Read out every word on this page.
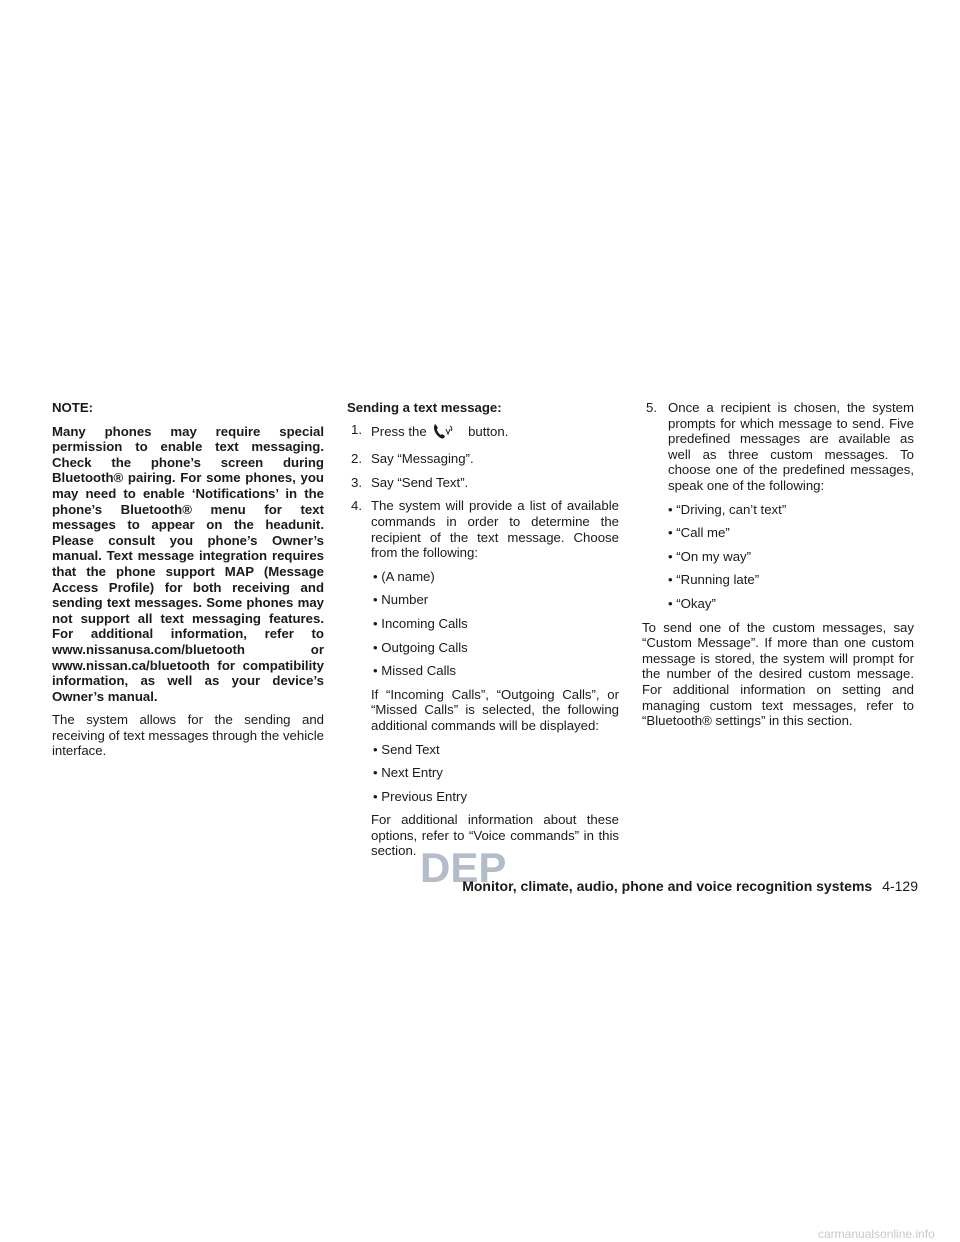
NOTE:

Many phones may require special permission to enable text messaging. Check the phone’s screen during Bluetooth® pairing. For some phones, you may need to enable ‘Notifications’ in the phone’s Bluetooth® menu for text messages to appear on the headunit. Please consult you phone’s Owner’s manual. Text message integration requires that the phone support MAP (Message Access Profile) for both receiving and sending text messages. Some phones may not support all text messaging features. For additional information, refer to www.nissanusa.com/bluetooth or www.nissan.ca/bluetooth for compatibility information, as well as your device’s Owner’s manual.

The system allows for the sending and receiving of text messages through the vehicle interface.

Sending a text message:
1. Press the	button.
2. Say “Messaging”.
3. Say “Send Text”.
4. The system will provide a list of available commands in order to determine the recipient of the text message. Choose from the following:
• (A name)
• Number
• Incoming Calls
• Outgoing Calls
• Missed Calls
If “Incoming Calls”, “Outgoing Calls”, or “Missed Calls” is selected, the following additional commands will be displayed:
• Send Text
• Next Entry
• Previous Entry
For additional information about these options, refer to “Voice commands” in this section.
5. Once a recipient is chosen, the system prompts for which message to send. Five predefined messages are available as well as three custom messages. To choose one of the predefined messages, speak one of the following:
• “Driving, can’t text”
• “Call me”
• “On my way”
• “Running late”
• “Okay”

To send one of the custom messages, say “Custom Message”. If more than one custom message is stored, the system will prompt for the number of the desired custom message. For additional information on setting and managing custom text messages, refer to “Bluetooth® settings” in this section.

DEP
Monitor, climate, audio, phone and voice recognition systems 4-129
carmanualsonline.info
